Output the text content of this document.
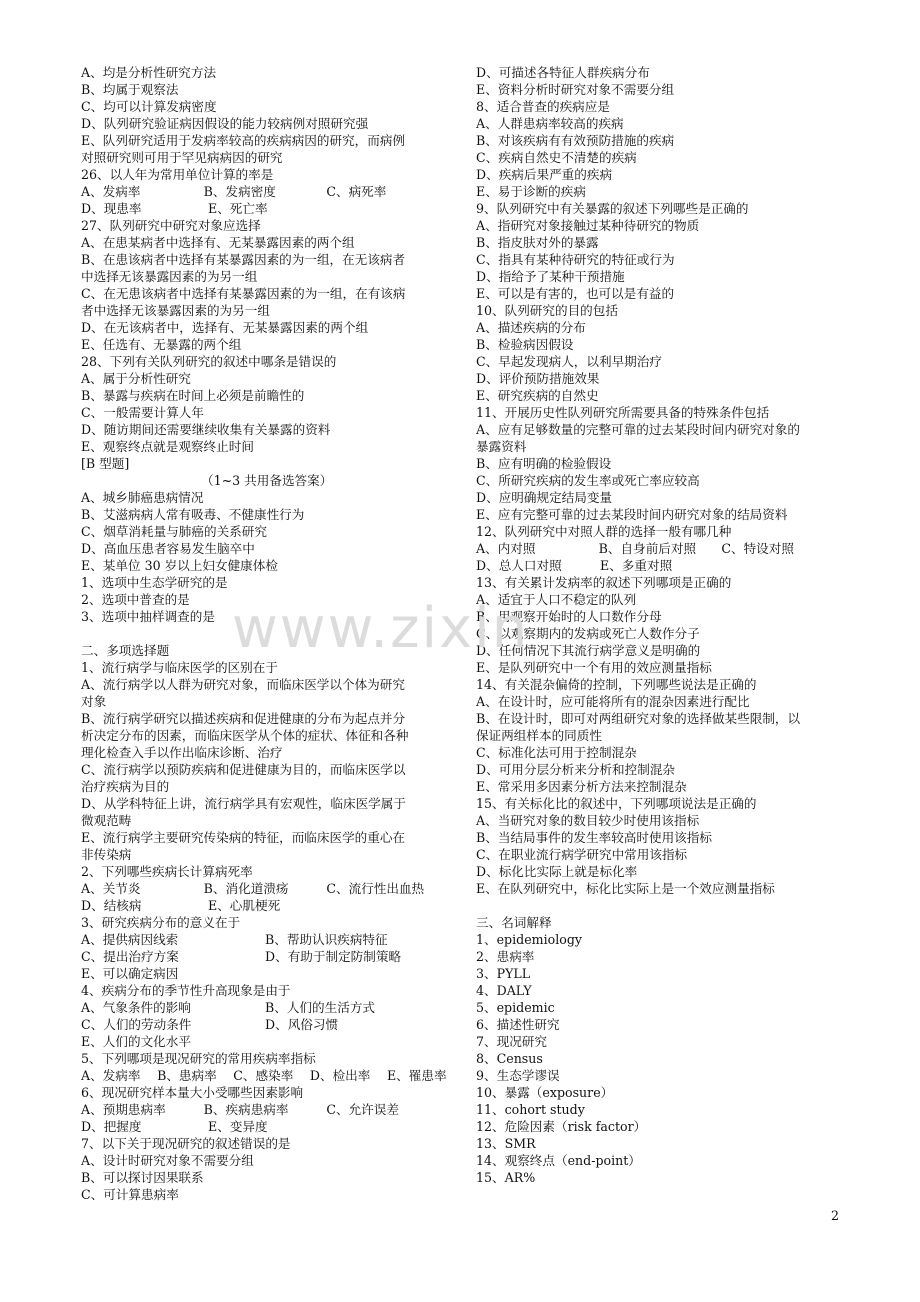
A、均是分析性研究方法
B、均属于观察法
C、均可以计算发病密度
D、队列研究验证病因假设的能力较病例对照研究强
E、队列研究适用于发病率较高的疾病病因的研究，而病例
对照研究则可用于罕见病病因的研究
26、以人年为常用单位计算的率是
A、发病率	B、发病密度	C、病死率
D、现患率	E、死亡率
27、队列研究中研究对象应选择
A、在患某病者中选择有、无某暴露因素的两个组
B、在患该病者中选择有某暴露因素的为一组，在无该病者
中选择无该暴露因素的为另一组
C、在无患该病者中选择有某暴露因素的为一组，在有该病
者中选择无该暴露因素的为另一组
D、在无该病者中，选择有、无某暴露因素的两个组
E、任选有、无暴露的两个组
28、下列有关队列研究的叙述中哪条是错误的
A、属于分析性研究
B、暴露与疾病在时间上必须是前瞻性的
C、一般需要计算人年
D、随访期间还需要继续收集有关暴露的资料
E、观察终点就是观察终止时间
[B 型题]
（1~3 共用备选答案）
A、城乡肺癌患病情况
B、艾滋病病人常有吸毒、不健康性行为
C、烟草消耗量与肺癌的关系研究
D、高血压患者容易发生脑卒中
E、某单位 30 岁以上妇女健康体检
1、选项中生态学研究的是
2、选项中普查的是
3、选项中抽样调查的是
二、多项选择题
1、流行病学与临床医学的区别在于
A、流行病学以人群为研究对象，而临床医学以个体为研究
对象
B、流行病学研究以描述疾病和促进健康的分布为起点并分
析决定分布的因素，而临床医学从个体的症状、体征和各种
理化检查入手以作出临床诊断、治疗
C、流行病学以预防疾病和促进健康为目的，而临床医学以
治疗疾病为目的
D、从学科特征上讲，流行病学具有宏观性，临床医学属于
微观范畴
E、流行病学主要研究传染病的特征，而临床医学的重心在
非传染病
2、下列哪些疾病长计算病死率
A、关节炎	B、消化道溃疡	C、流行性出血热
D、结核病	E、心肌梗死
3、研究疾病分布的意义在于
A、提供病因线索	B、帮助认识疾病特征
C、提出治疗方案	D、有助于制定防制策略
E、可以确定病因
4、疾病分布的季节性升高现象是由于
A、气象条件的影响	B、人们的生活方式
C、人们的劳动条件	D、风俗习惯
E、人们的文化水平
5、下列哪项是现况研究的常用疾病率指标
A、发病率　 B、患病率　 C、感染率　 D、检出率　 E、罹患率
6、现况研究样本量大小受哪些因素影响
A、预期患病率	B、疾病患病率	C、允许误差
D、把握度	E、变异度
7、以下关于现况研究的叙述错误的是
A、设计时研究对象不需要分组
B、可以探讨因果联系
C、可计算患病率
D、可描述各特征人群疾病分布
E、资料分析时研究对象不需要分组
8、适合普查的疾病应是
A、人群患病率较高的疾病
B、对该疾病有有效预防措施的疾病
C、疾病自然史不清楚的疾病
D、疾病后果严重的疾病
E、易于诊断的疾病
9、队列研究中有关暴露的叙述下列哪些是正确的
A、指研究对象接触过某种待研究的物质
B、指皮肤对外的暴露
C、指具有某种待研究的特征或行为
D、指给予了某种干预措施
E、可以是有害的，也可以是有益的
10、队列研究的目的包括
A、描述疾病的分布
B、检验病因假设
C、早起发现病人，以利早期治疗
D、评价预防措施效果
E、研究疾病的自然史
11、开展历史性队列研究所需要具备的特殊条件包括
A、应有足够数量的完整可靠的过去某段时间内研究对象的
暴露资料
B、应有明确的检验假设
C、所研究疾病的发生率或死亡率应较高
D、应明确规定结局变量
E、应有完整可靠的过去某段时间内研究对象的结局资料
12、队列研究中对照人群的选择一般有哪几种
A、内对照	B、自身前后对照	C、特设对照
D、总人口对照	E、多重对照
13、有关累计发病率的叙述下列哪项是正确的
A、适宜于人口不稳定的队列
B、用观察开始时的人口数作分母
C、以观察期内的发病或死亡人数作分子
D、任何情况下其流行病学意义是明确的
E、是队列研究中一个有用的效应测量指标
14、有关混杂偏倚的控制，下列哪些说法是正确的
A、在设计时，应可能将所有的混杂因素进行配比
B、在设计时，即可对两组研究对象的选择做某些限制，以
保证两组样本的同质性
C、标准化法可用于控制混杂
D、可用分层分析来分析和控制混杂
E、常采用多因素分析方法来控制混杂
15、有关标化比的叙述中，下列哪项说法是正确的
A、当研究对象的数目较少时使用该指标
B、当结局事件的发生率较高时使用该指标
C、在职业流行病学研究中常用该指标
D、标化比实际上就是标化率
E、在队列研究中，标化比实际上是一个效应测量指标
三、名词解释
1、epidemiology
2、患病率
3、PYLL
4、DALY
5、epidemic
6、描述性研究
7、现况研究
8、Census
9、生态学谬误
10、暴露（exposure）
11、cohort study
12、危险因素（risk factor）
13、SMR
14、观察终点（end-point）
15、AR%
www.zixin
2
